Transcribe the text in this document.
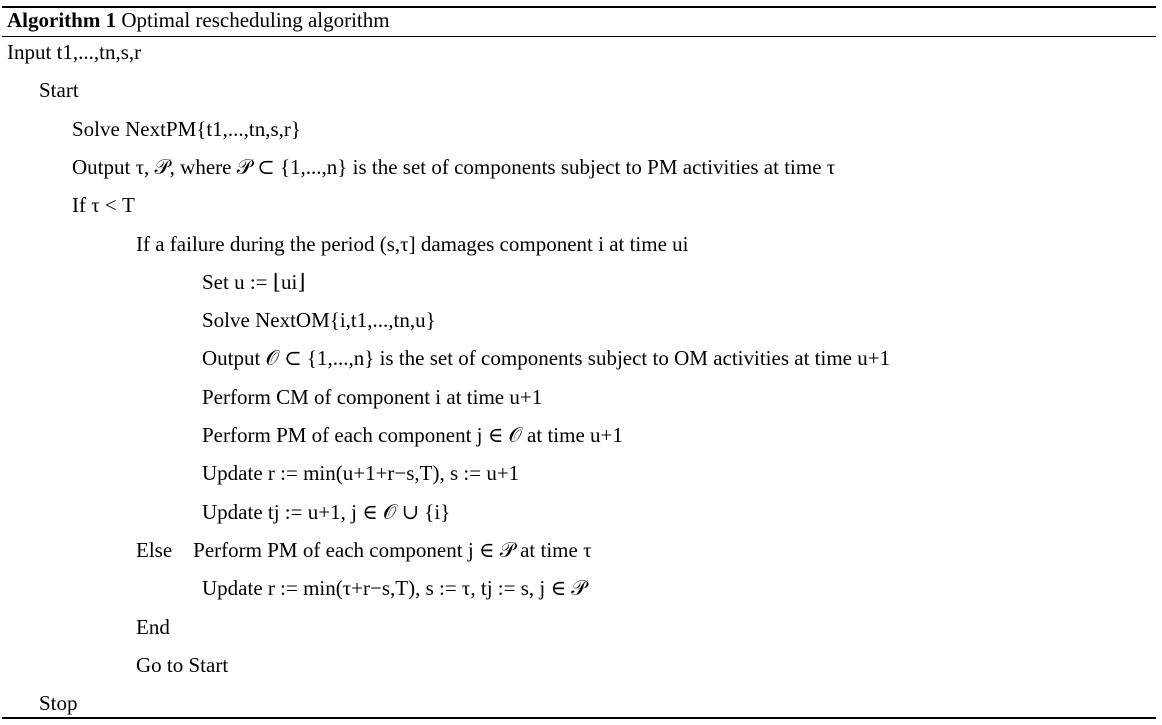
Algorithm 1 Optimal rescheduling algorithm
Input t1,...,tn,s,r
Start
Solve NextPM{t1,...,tn,s,r}
Output τ, 𝒫, where 𝒫 ⊂ {1,...,n} is the set of components subject to PM activities at time τ
If τ < T
If a failure during the period (s,τ] damages component i at time ui
Set u := ⌊ui⌋
Solve NextOM{i,t1,...,tn,u}
Output 𝒪 ⊂ {1,...,n} is the set of components subject to OM activities at time u+1
Perform CM of component i at time u+1
Perform PM of each component j ∈ 𝒪 at time u+1
Update r := min(u+1+r−s,T), s := u+1
Update tj := u+1, j ∈ 𝒪 ∪ {i}
Else    Perform PM of each component j ∈ 𝒫 at time τ
Update r := min(τ+r−s,T), s := τ, tj := s, j ∈ 𝒫
End
Go to Start
Stop
